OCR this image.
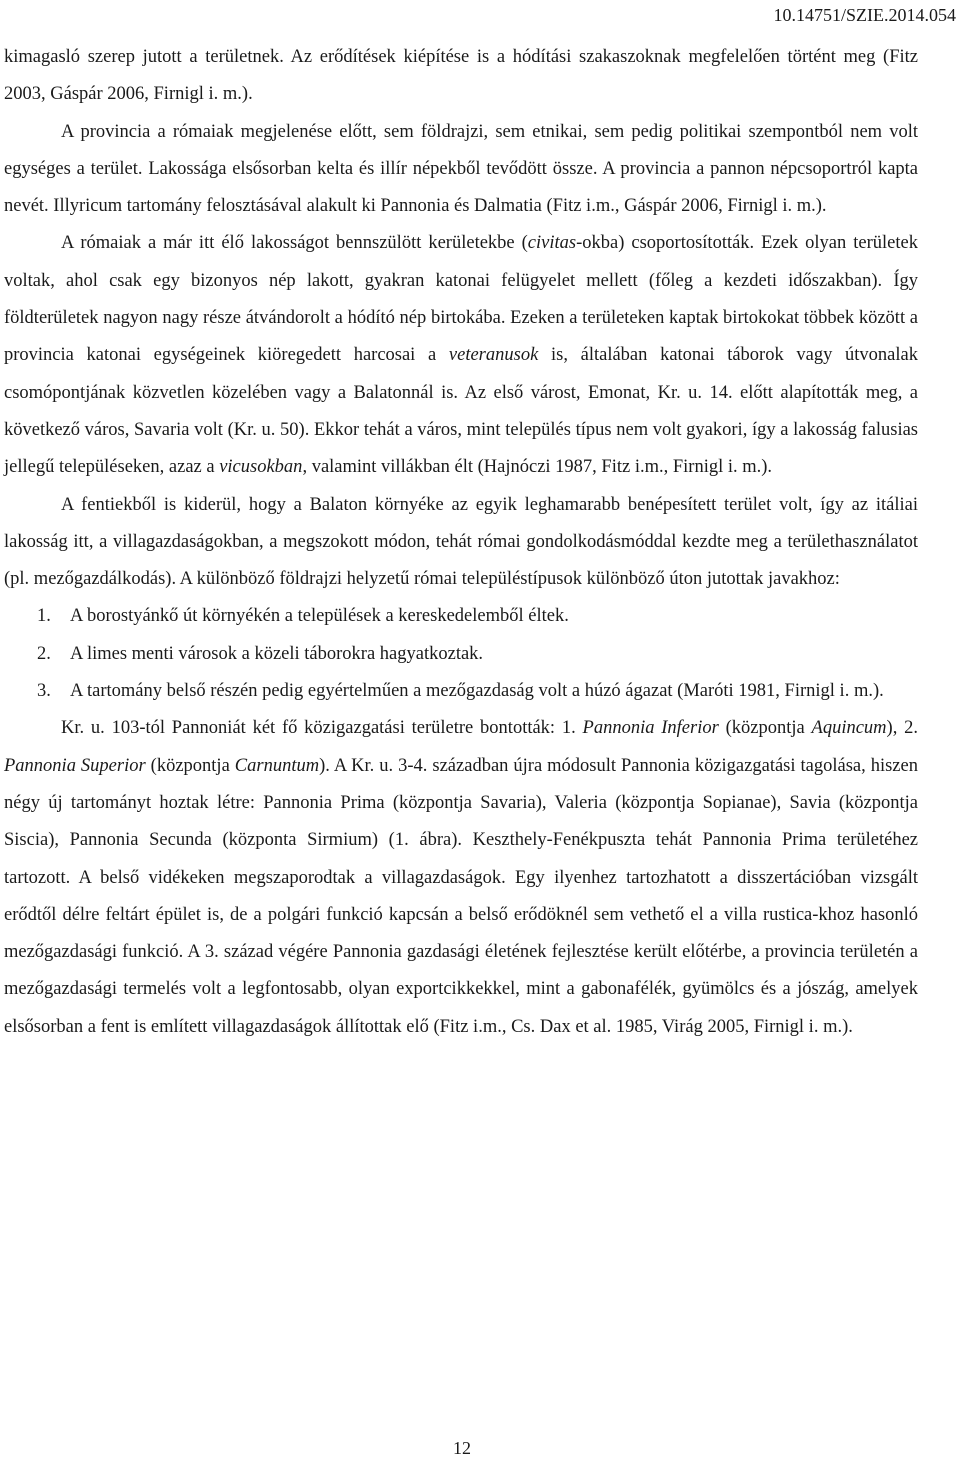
10.14751/SZIE.2014.054

kimagasló szerep jutott a területnek. Az erődítések kiépítése is a hódítási szakaszoknak megfelelően történt meg (Fitz 2003, Gáspár 2006, Firnigl i. m.).

A provincia a rómaiak megjelenése előtt, sem földrajzi, sem etnikai, sem pedig politikai szempontból nem volt egységes a terület. Lakossága elsősorban kelta és illír népekből tevődött össze. A provincia a pannon népcsoportról kapta nevét. Illyricum tartomány felosztásával alakult ki Pannonia és Dalmatia (Fitz i.m., Gáspár 2006, Firnigl i. m.).

A rómaiak a már itt élő lakosságot bennszülött kerületekbe (civitas-okba) csoportosították. Ezek olyan területek voltak, ahol csak egy bizonyos nép lakott, gyakran katonai felügyelet mellett (főleg a kezdeti időszakban). Így földterületek nagyon nagy része átvándorolt a hódító nép birtokába. Ezeken a területeken kaptak birtokokat többek között a provincia katonai egységeinek kiöregedett harcosai a veteranusok is, általában katonai táborok vagy útvonalak csomópontjának közvetlen közelében vagy a Balatonnál is. Az első várost, Emonat, Kr. u. 14. előtt alapították meg, a következő város, Savaria volt (Kr. u. 50). Ekkor tehát a város, mint település típus nem volt gyakori, így a lakosság falusias jellegű településeken, azaz a vicusokban, valamint villákban élt (Hajnóczi 1987, Fitz i.m., Firnigl i. m.).

A fentiekből is kiderül, hogy a Balaton környéke az egyik leghamarabb benépesített terület volt, így az itáliai lakosság itt, a villagazdaságokban, a megszokott módon, tehát római gondolkodásmóddal kezdte meg a területhasználatot (pl. mezőgazdálkodás). A különböző földrajzi helyzetű római településtípusok különböző úton jutottak javakhoz:

1. A borostyánkő út környékén a települések a kereskedelemből éltek.
2. A limes menti városok a közeli táborokra hagyatkoztak.
3. A tartomány belső részén pedig egyértelműen a mezőgazdaság volt a húzó ágazat (Maróti 1981, Firnigl i. m.).

Kr. u. 103-tól Pannoniát két fő közigazgatási területre bontották: 1. Pannonia Inferior (központja Aquincum), 2. Pannonia Superior (központja Carnuntum). A Kr. u. 3-4. században újra módosult Pannonia közigazgatási tagolása, hiszen négy új tartományt hoztak létre: Pannonia Prima (központja Savaria), Valeria (központja Sopianae), Savia (központja Siscia), Pannonia Secunda (központa Sirmium) (1. ábra). Keszthely-Fenékpuszta tehát Pannonia Prima területéhez tartozott. A belső vidékeken megszaporodtak a villagazdaságok. Egy ilyenhez tartozhatott a disszertációban vizsgált erődtől délre feltárt épület is, de a polgári funkció kapcsán a belső erődöknél sem vethető el a villa rustica-khoz hasonló mezőgazdasági funkció. A 3. század végére Pannonia gazdasági életének fejlesztése került előtérbe, a provincia területén a mezőgazdasági termelés volt a legfontosabb, olyan exportcikkekkel, mint a gabonafélék, gyümölcs és a jószág, amelyek elsősorban a fent is említett villagazdaságok állítottak elő (Fitz i.m., Cs. Dax et al. 1985, Virág 2005, Firnigl i. m.).

12
